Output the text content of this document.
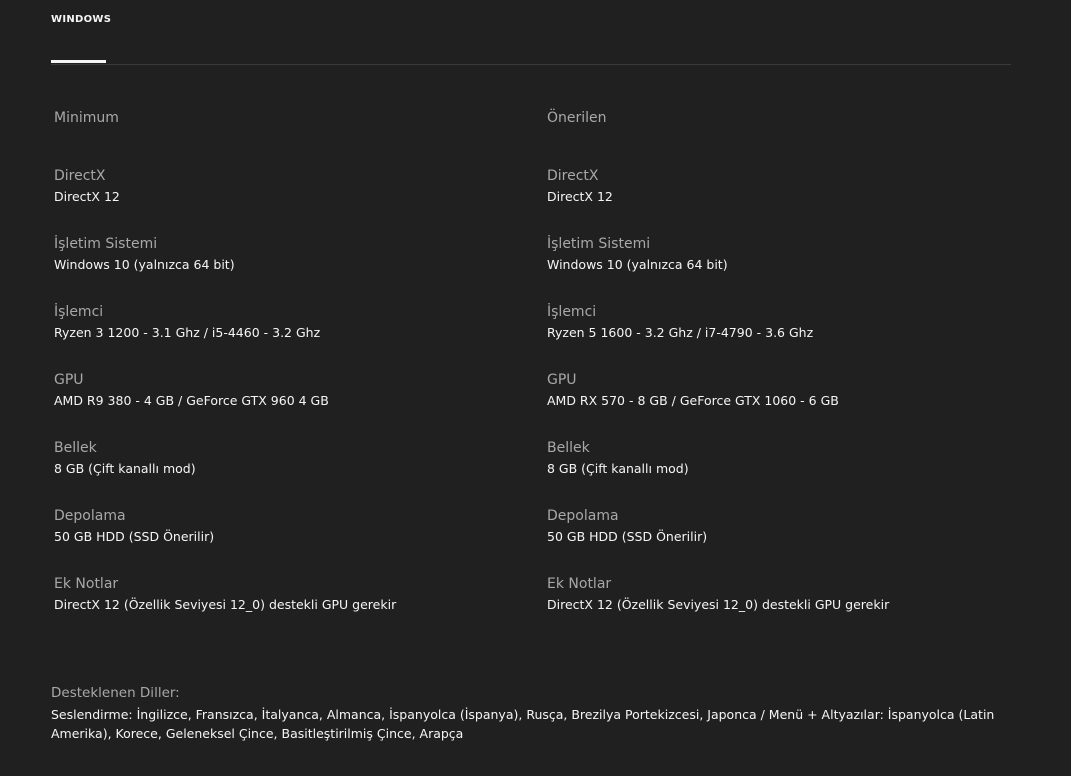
WINDOWS
Minimum
DirectX
DirectX 12
İşletim Sistemi
Windows 10 (yalnızca 64 bit)
İşlemci
Ryzen 3 1200 - 3.1 Ghz / i5-4460 - 3.2 Ghz
GPU
AMD R9 380 - 4 GB / GeForce GTX 960 4 GB
Bellek
8 GB (Çift kanallı mod)
Depolama
50 GB HDD (SSD Önerilir)
Ek Notlar
DirectX 12 (Özellik Seviyesi 12_0) destekli GPU gerekir
Önerilen
DirectX
DirectX 12
İşletim Sistemi
Windows 10 (yalnızca 64 bit)
İşlemci
Ryzen 5 1600 - 3.2 Ghz / i7-4790 - 3.6 Ghz
GPU
AMD RX 570 - 8 GB / GeForce GTX 1060 - 6 GB
Bellek
8 GB (Çift kanallı mod)
Depolama
50 GB HDD (SSD Önerilir)
Ek Notlar
DirectX 12 (Özellik Seviyesi 12_0) destekli GPU gerekir
Desteklenen Diller:
Seslendirme: İngilizce, Fransızca, İtalyanca, Almanca, İspanyolca (İspanya), Rusça, Brezilya Portekizcesi, Japonca / Menü + Altyazılar: İspanyolca (Latin Amerika), Korece, Geleneksel Çince, Basitleştirilmiş Çince, Arapça
